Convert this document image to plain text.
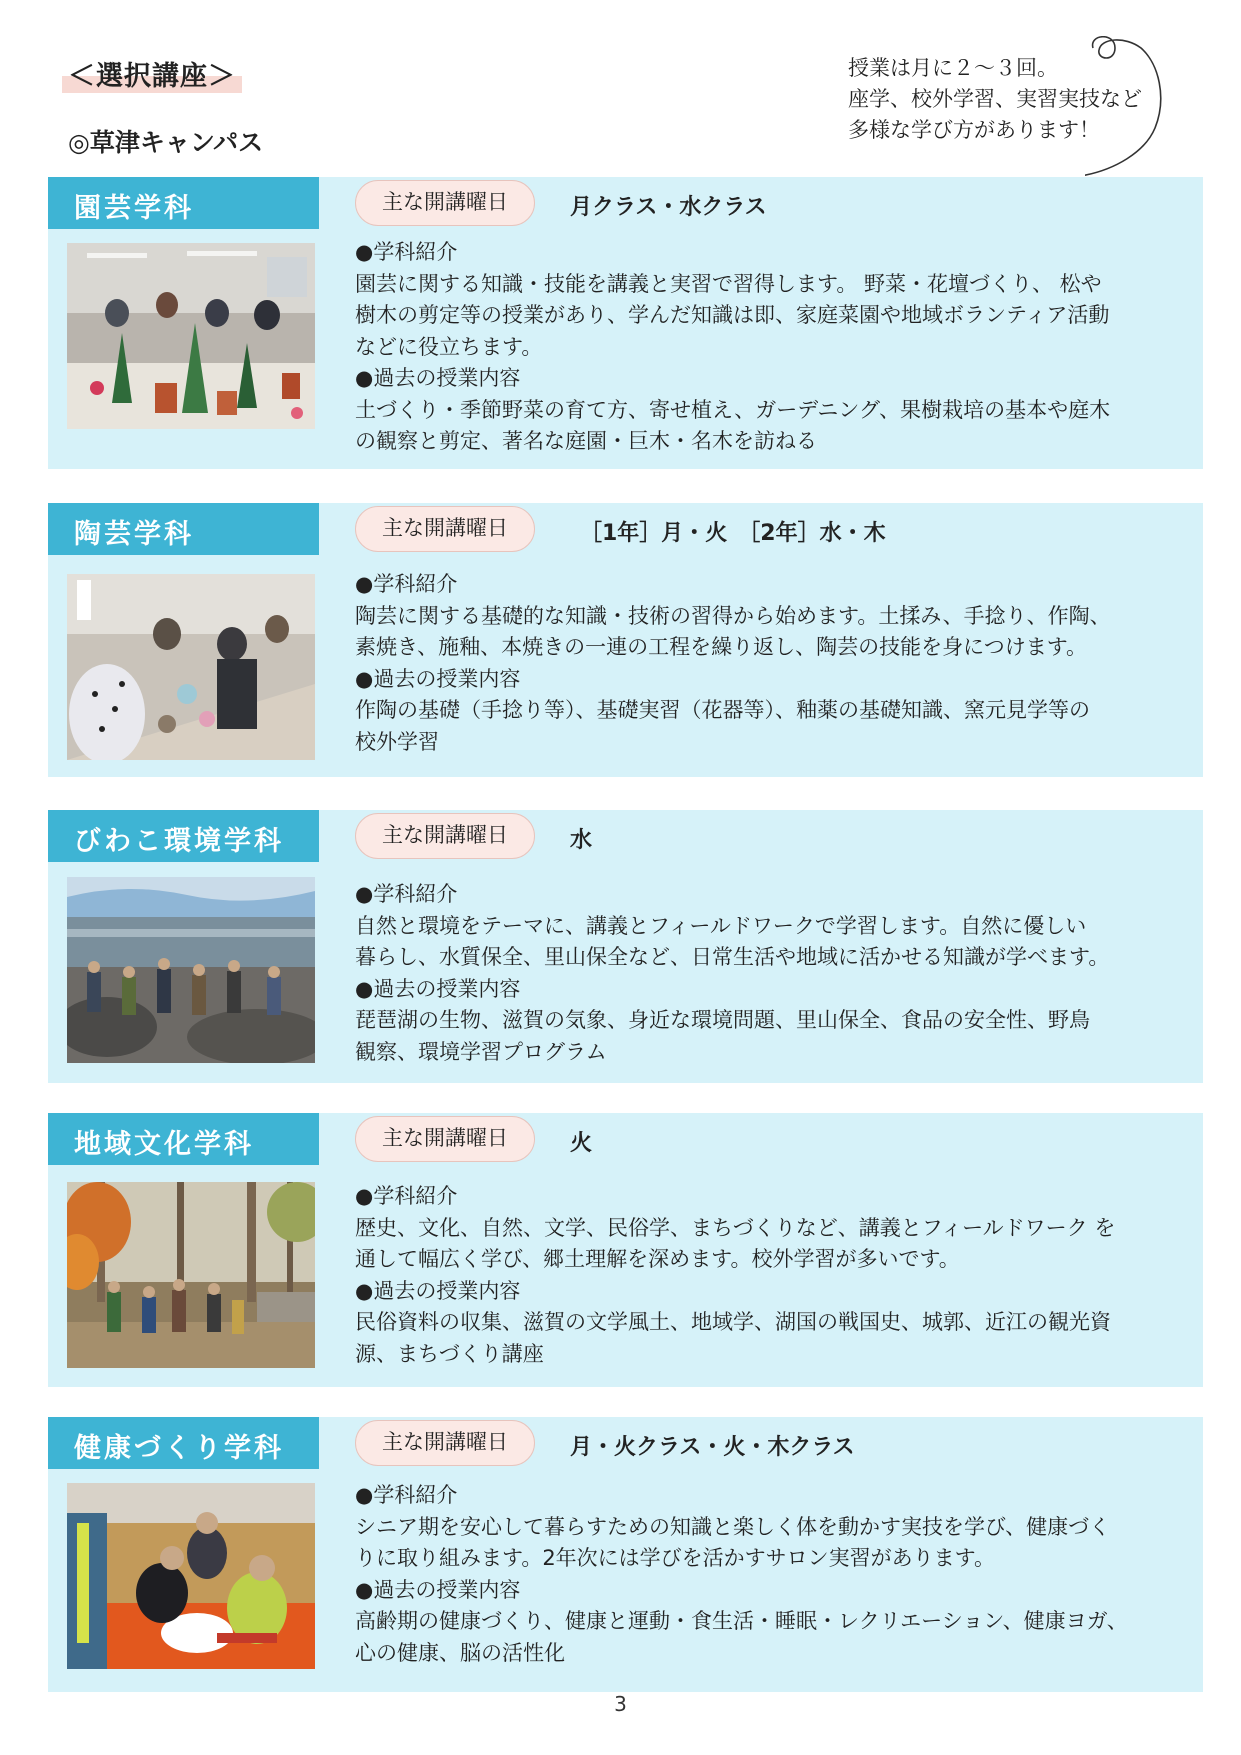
＜選択講座＞
◎草津キャンパス
授業は月に２～３回。
座学、校外学習、実習実技など
多様な学び方があります！
園芸学科	主な開講曜日	月クラス・水クラス
●学科紹介
園芸に関する知識・技能を講義と実習で習得します。 野菜・花壇づくり、 松や
樹木の剪定等の授業があり、学んだ知識は即、家庭菜園や地域ボランティア活動
などに役立ちます。
●過去の授業内容
土づくり・季節野菜の育て方、寄せ植え、ガーデニング、果樹栽培の基本や庭木
の観察と剪定、著名な庭園・巨木・名木を訪ねる
陶芸学科	主な開講曜日	［1年］月・火　［2年］水・木
●学科紹介
陶芸に関する基礎的な知識・技術の習得から始めます。土揉み、手捻り、作陶、
素焼き、施釉、本焼きの一連の工程を繰り返し、陶芸の技能を身につけます。
●過去の授業内容
作陶の基礎（手捻り等）、基礎実習（花器等）、釉薬の基礎知識、窯元見学等の
校外学習
びわこ環境学科	主な開講曜日	水
●学科紹介
自然と環境をテーマに、講義とフィールドワークで学習します。自然に優しい
暮らし、水質保全、里山保全など、日常生活や地域に活かせる知識が学べます。
●過去の授業内容
琵琶湖の生物、滋賀の気象、身近な環境問題、里山保全、食品の安全性、野鳥
観察、環境学習プログラム
地域文化学科	主な開講曜日	火
●学科紹介
歴史、文化、自然、文学、民俗学、まちづくりなど、講義とフィールドワーク を
通して幅広く学び、郷土理解を深めます。校外学習が多いです。
●過去の授業内容
民俗資料の収集、滋賀の文学風土、地域学、湖国の戦国史、城郭、近江の観光資
源、まちづくり講座
健康づくり学科	主な開講曜日	月・火クラス・火・木クラス
●学科紹介
シニア期を安心して暮らすための知識と楽しく体を動かす実技を学び、健康づく
りに取り組みます。2年次には学びを活かすサロン実習があります。
●過去の授業内容
高齢期の健康づくり、健康と運動・食生活・睡眠・レクリエーション、健康ヨガ、
心の健康、脳の活性化
3
